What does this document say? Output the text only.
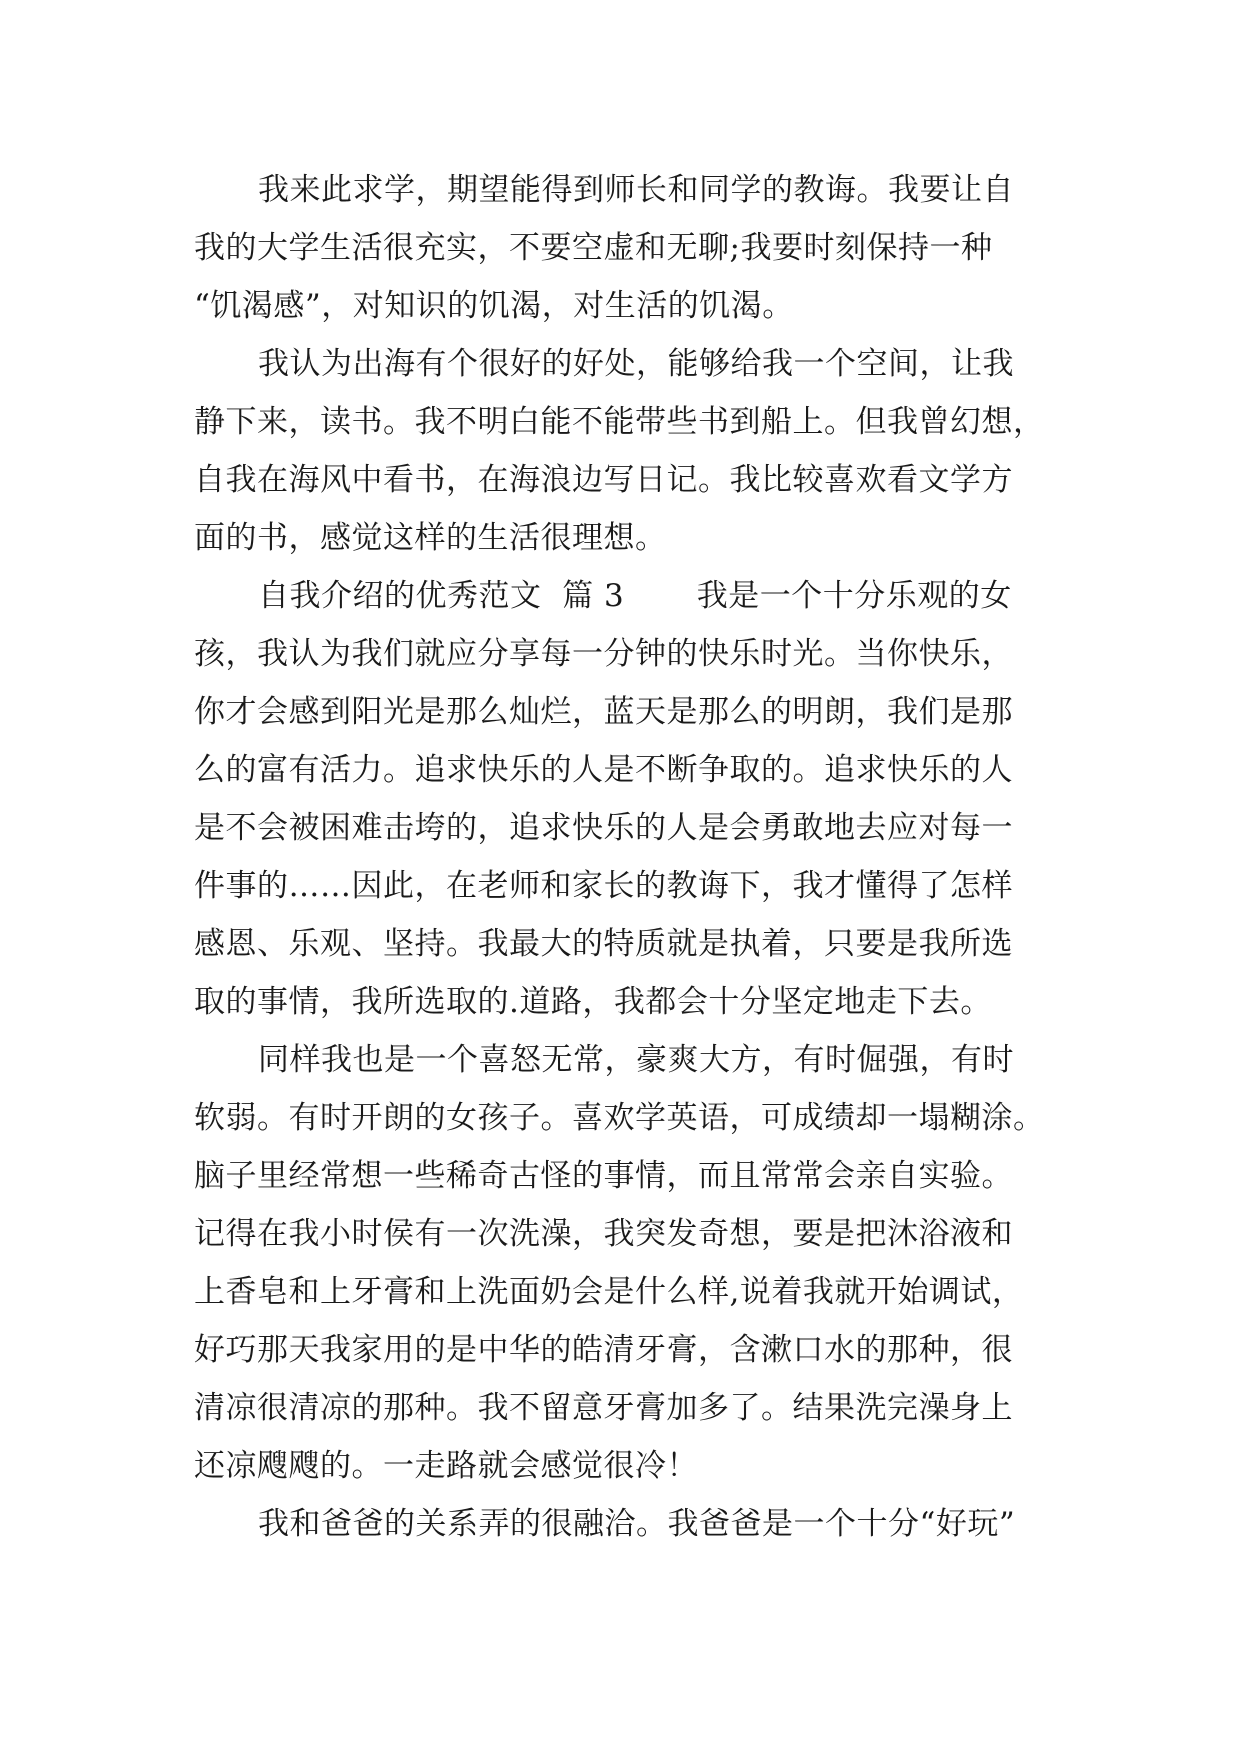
我来此求学，期望能得到师长和同学的教诲。我要让自
我的大学生活很充实，不要空虚和无聊;我要时刻保持一种
“饥渴感”，对知识的饥渴，对生活的饥渴。
我认为出海有个很好的好处，能够给我一个空间，让我
静下来，读书。我不明白能不能带些书到船上。但我曾幻想，
自我在海风中看书，在海浪边写日记。我比较喜欢看文学方
面的书，感觉这样的生活很理想。
自我介绍的优秀范文  篇 3       我是一个十分乐观的女
孩，我认为我们就应分享每一分钟的快乐时光。当你快乐，
你才会感到阳光是那么灿烂，蓝天是那么的明朗，我们是那
么的富有活力。追求快乐的人是不断争取的。追求快乐的人
是不会被困难击垮的，追求快乐的人是会勇敢地去应对每一
件事的……因此，在老师和家长的教诲下，我才懂得了怎样
感恩、乐观、坚持。我最大的特质就是执着，只要是我所选
取的事情，我所选取的.道路，我都会十分坚定地走下去。
同样我也是一个喜怒无常，豪爽大方，有时倔强，有时
软弱。有时开朗的女孩子。喜欢学英语，可成绩却一塌糊涂。
脑子里经常想一些稀奇古怪的事情，而且常常会亲自实验。
记得在我小时侯有一次洗澡，我突发奇想，要是把沐浴液和
上香皂和上牙膏和上洗面奶会是什么样,说着我就开始调试，
好巧那天我家用的是中华的皓清牙膏，含漱口水的那种，很
清凉很清凉的那种。我不留意牙膏加多了。结果洗完澡身上
还凉飕飕的。一走路就会感觉很冷！
我和爸爸的关系弄的很融洽。我爸爸是一个十分“好玩”
